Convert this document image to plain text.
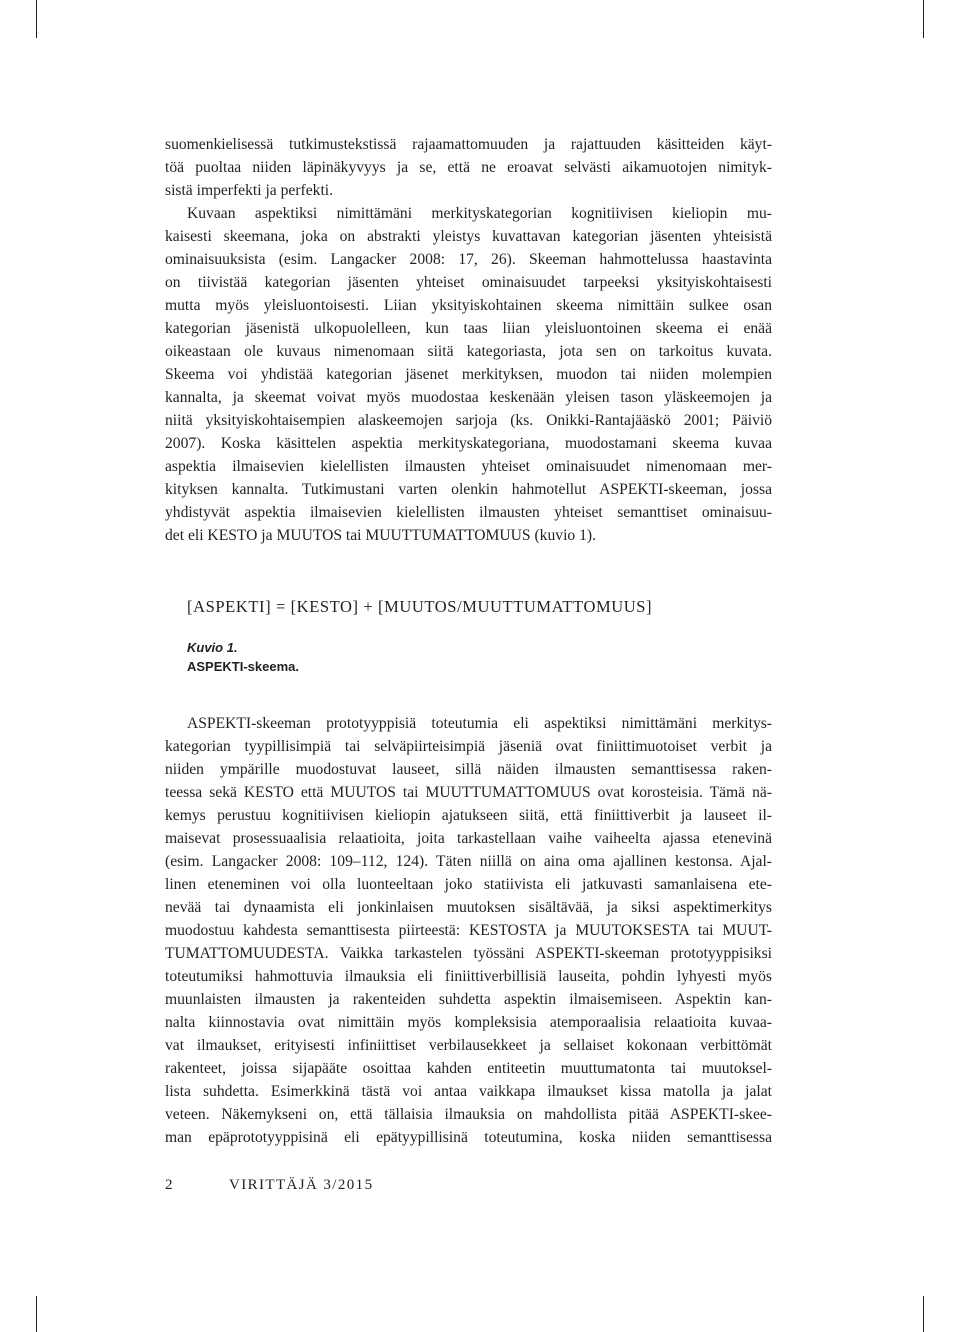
suomenkielisessä tutkimustekstissä rajaamattomuuden ja rajattuuden käsitteiden käyt-
töä puoltaa niiden läpinäkyvyys ja se, että ne eroavat selvästi aikamuotojen nimityk-
sistä imperfekti ja perfekti.
Kuvaan aspektiksi nimittämäni merkityskategorian kognitiivisen kieliopin mu-
kaisesti skeemana, joka on abstrakti yleistys kuvattavan kategorian jäsenten yhteisistä
ominaisuuksista (esim. Langacker 2008: 17, 26). Skeeman hahmottelussa haastavinta
on tiivistää kategorian jäsenten yhteiset ominaisuudet tarpeeksi yksityiskohtaisesti
mutta myös yleisluontoisesti. Liian yksityiskohtainen skeema nimittäin sulkee osan
kategorian jäsenistä ulkopuolelleen, kun taas liian yleisluontoinen skeema ei enää
oikeastaan ole kuvaus nimenomaan siitä kategoriasta, jota sen on tarkoitus kuvata.
Skeema voi yhdistää kategorian jäsenet merkityksen, muodon tai niiden molempien
kannalta, ja skeemat voivat myös muodostaa keskenään yleisen tason yläskeemojen ja
niitä yksityiskohtaisempien alaskeemojen sarjoja (ks. Onikki-Rantajääskö 2001; Päiviö
2007). Koska käsittelen aspektia merkityskategoriana, muodostamani skeema kuvaa
aspektia ilmaisevien kielellisten ilmausten yhteiset ominaisuudet nimenomaan mer-
kityksen kannalta. Tutkimustani varten olenkin hahmotellut ASPEKTI-skeeman, jossa
yhdistyvät aspektia ilmaisevien kielellisten ilmausten yhteiset semanttiset ominaisuu-
det eli KESTO ja MUUTOS tai MUUTTUMATTOMUUS (kuvio 1).
[ASPEKTI] = [KESTO] + [MUUTOS/MUUTTUMATTOMUUS]
Kuvio 1.
ASPEKTI-skeema.
ASPEKTI-skeeman prototyyppisiä toteutumia eli aspektiksi nimittämäni merkitys-
kategorian tyypillisimpiä tai selväpiirteisimpiä jäseniä ovat finiittimuotoiset verbit ja
niiden ympärille muodostuvat lauseet, sillä näiden ilmausten semanttisessa raken-
teessa sekä KESTO että MUUTOS tai MUUTTUMATTOMUUS ovat korosteisia. Tämä nä-
kemys perustuu kognitiivisen kieliopin ajatukseen siitä, että finiittiverbit ja lauseet il-
maisevat prosessuaalisia relaatioita, joita tarkastellaan vaihe vaiheelta ajassa etenevinä
(esim. Langacker 2008: 109–112, 124). Täten niillä on aina oma ajallinen kestonsa. Ajal-
linen eteneminen voi olla luonteeltaan joko statiivista eli jatkuvasti samanlaisena ete-
nevää tai dynaamista eli jonkinlaisen muutoksen sisältävää, ja siksi aspektimerkitys
muodostuu kahdesta semanttisesta piirteestä: KESTOSTA ja MUUTOKSESTA tai MUUT-
TUMATTOMUUDESTA. Vaikka tarkastelen työssäni ASPEKTI-skeeman prototyyppisiksi
toteutumiksi hahmottuvia ilmauksia eli finiittiverbillisiä lauseita, pohdin lyhyesti myös
muunlaisten ilmausten ja rakenteiden suhdetta aspektin ilmaisemiseen. Aspektin kan-
nalta kiinnostavia ovat nimittäin myös kompleksisia atemporaalisia relaatioita kuvaa-
vat ilmaukset, erityisesti infiniittiset verbilausekkeet ja sellaiset kokonaan verbittömät
rakenteet, joissa sijapääte osoittaa kahden entiteetin muuttumatonta tai muutoksel-
lista suhdetta. Esimerkkinä tästä voi antaa vaikkapa ilmaukset kissa matolla ja jalat
veteen. Näkemykseni on, että tällaisia ilmauksia on mahdollista pitää ASPEKTI-skee-
man epäprototyyppisinä eli epätyypillisinä toteutumina, koska niiden semanttisessa
2	VIRITTÄJÄ 3/2015
